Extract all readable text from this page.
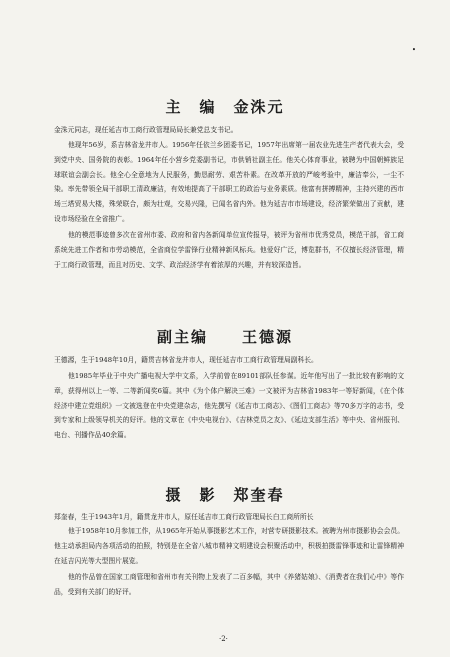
•
主　编　金洙元

金洙元同志，现任延吉市工商行政管理局局长兼党总支书记。

他现年56岁，系吉林省龙井市人。1956年任依兰乡团委书记，1957年出席第一届农业先进生产者代表大会，受到党中央、国务院的表彰。1964年任小营乡党委副书记，市供销社副主任。他关心体育事业，被聘为中国朝鲜族足球联谊会副会长。他全心全意地为人民服务，勤恳耐劳、艰苦朴素。在改革开放的严峻考验中，廉洁奉公，一尘不染。率先带领全局干部职工清政廉洁，有效地提高了干部职工的政治与业务素质。他富有拼搏精神，主持兴建的西市场三塔贸易大楼，殊荣联合，颇为壮观，交易兴隆，已闻名省内外。他为延吉市市场建设，经济繁荣做出了贡献，建设市场经验在全省推广。

他的模范事迹曾多次在省州市委、政府和省内各新闻单位宣传报导，被评为省州市优秀党员，模范干部，省工商系统先进工作者和市劳动模范，全省商位学雷锋行业精神新风标兵。他爱好广泛，博览群书，不仅擅长经济管理，精于工商行政管理，而且对历史、文学、政治经济学有着浓厚的兴趣，并有较深造旨。

副主编　　王德源

王德源，生于1948年10月，籍贯吉林省龙井市人，现任延吉市工商行政管理局副科长。

他1985年毕业于中央广播电视大学中文系，入学前曾在89101部队任参谋。近年他写出了一批比较有影响的文章，获得州以上一等、二等新闻奖6篇。其中《为个体户解决三难》一文被评为吉林省1983年一等好新闻，《在个体经济中建立党组织》一文被选登在中央党建杂志，他先撰写《延吉市工商志》、《图们工商志》等70多万字的志书，受到专家和上级领导机关的好评。他的文章在《中央电视台》、《吉林党员之友》、《延边支部生活》等中央、省州报刊、电台、刊播作品40余篇。

摄　影　郑奎春

郑奎春，生于1943年1月，籍贯龙井市人，原任延吉市工商行政管理局长白工商所所长

他于1958年10月参加工作，从1965年开始从事摄影艺术工作，对营专研摄影技术。被聘为州市摄影协会会员。他主动承担局内各项活动的拍照，特别是在全省八城市精神文明建设会积聚活动中，积极拍摄雷锋事迹和让雷锋精神在延吉闪光等大型图片展览。

他的作品曾在国家工商管理和省州市有关刊物上发表了二百多幅，其中《养猪姑娘》、《消费者在我们心中》等作品，受到有关部门的好评。

·2·
